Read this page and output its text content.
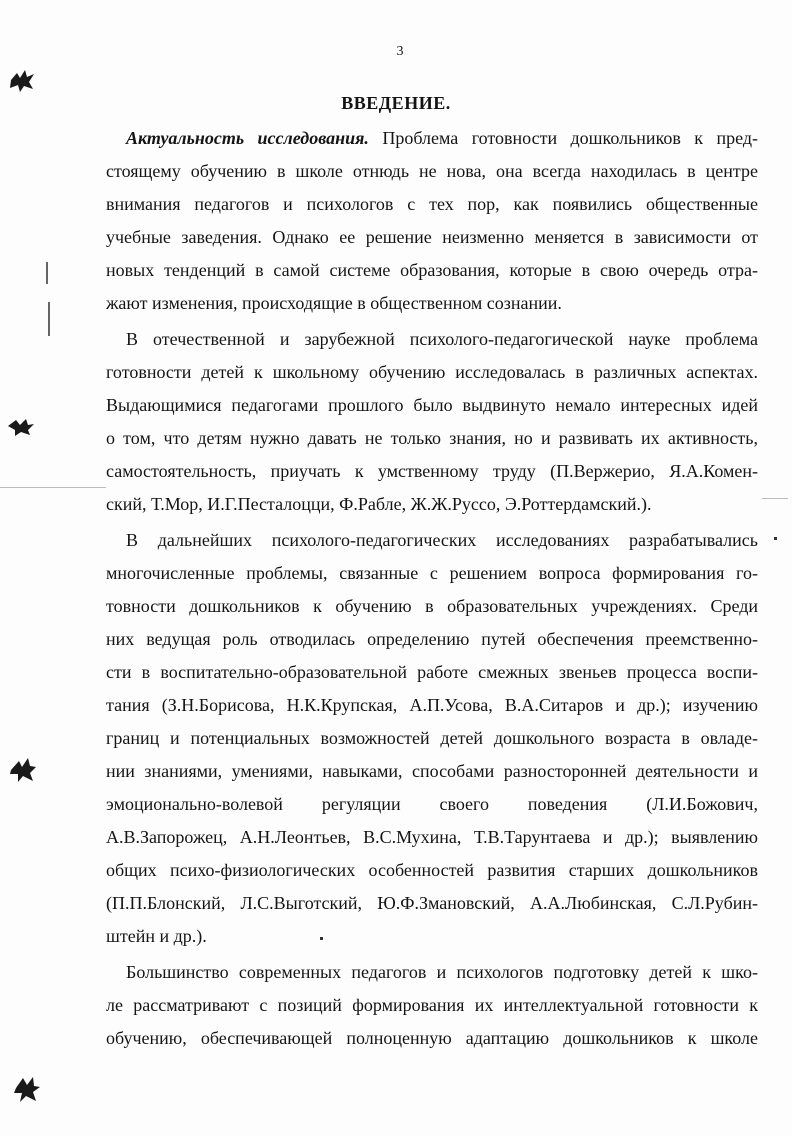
3
ВВЕДЕНИЕ.
Актуальность исследования. Проблема готовности дошкольников к пред-
стоящему обучению в школе отнюдь не нова, она всегда находилась в центре
внимания педагогов и психологов с тех пор, как появились общественные
учебные заведения. Однако ее решение неизменно меняется в зависимости от
новых тенденций в самой системе образования, которые в свою очередь отра-
жают изменения, происходящие в общественном сознании.
В отечественной и зарубежной психолого-педагогической науке проблема
готовности детей к школьному обучению исследовалась в различных аспектах.
Выдающимися педагогами прошлого было выдвинуто немало интересных идей
о том, что детям нужно давать не только знания, но и развивать их активность,
самостоятельность, приучать к умственному труду (П.Вержерио, Я.А.Комен-
ский, Т.Мор, И.Г.Песталоцци, Ф.Рабле, Ж.Ж.Руссо, Э.Роттердамский.).
В дальнейших психолого-педагогических исследованиях разрабатывались
многочисленные проблемы, связанные с решением вопроса формирования го-
товности дошкольников к обучению в образовательных учреждениях. Среди
них ведущая роль отводилась определению путей обеспечения преемственно-
сти в воспитательно-образовательной работе смежных звеньев процесса воспи-
тания (З.Н.Борисова, Н.К.Крупская, А.П.Усова, В.А.Ситаров и др.); изучению
границ и потенциальных возможностей детей дошкольного возраста в овладе-
нии знаниями, умениями, навыками, способами разносторонней деятельности и
эмоционально-волевой регуляции своего поведения (Л.И.Божович,
А.В.Запорожец, А.Н.Леонтьев, В.С.Мухина, Т.В.Тарунтаева и др.); выявлению
общих психо-физиологических особенностей развития старших дошкольников
(П.П.Блонский, Л.С.Выготский, Ю.Ф.Змановский, А.А.Любинская, С.Л.Рубин-
штейн и др.).
Большинство современных педагогов и психологов подготовку детей к шко-
ле рассматривают с позиций формирования их интеллектуальной готовности к
обучению, обеспечивающей полноценную адаптацию дошкольников к школе
